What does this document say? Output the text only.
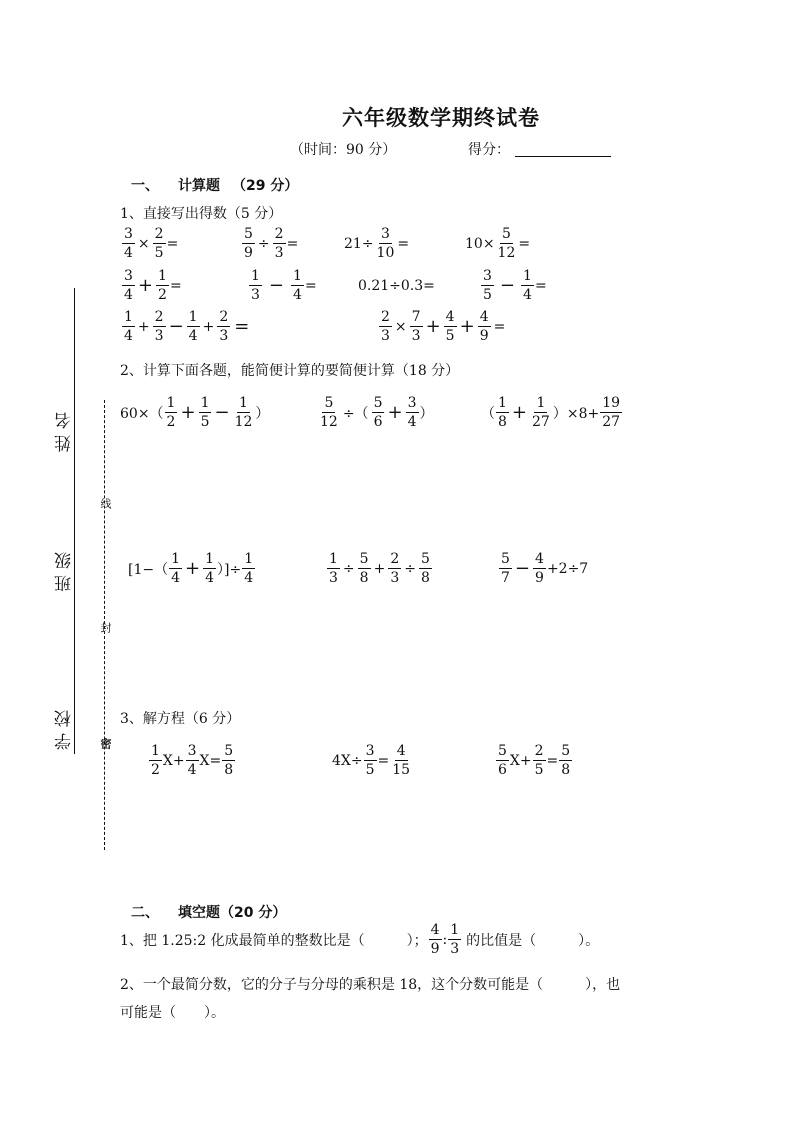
六年级数学期终试卷
（时间：90 分）	得分：
姓名
班级
学校
线
封
密
一、 计算题 （29 分）
1、直接写出得数（5 分）
$\frac{3}{4} \times \frac{2}{5}$ =	$\frac{5}{9} \div \frac{2}{3}$ =	$21\div \frac{3}{10}$ =	$10\times \frac{5}{12}$ =
$\frac{3}{4} + \frac{1}{2}$ =	$\frac{1}{3} - \frac{1}{4}$ =	0.21÷0.3=	$\frac{3}{5} - \frac{1}{4}$ =
$\frac{1}{4} + \frac{2}{3} - \frac{1}{4} + \frac{2}{3}$ =	$\frac{2}{3} \times \frac{7}{3} + \frac{4}{5} + \frac{4}{9}$ =
2、计算下面各题，能简便计算的要简便计算（18 分）
$60\times( \frac{1}{2} + \frac{1}{5} - \frac{1}{12}$ ）	$\frac{5}{12}$ ÷（ $\frac{5}{6} + \frac{3}{4}$ ）	（ $\frac{1}{8} + \frac{1}{27} )\times 8+ \frac{19}{27}$
[$1-( \frac{1}{4} + \frac{1}{4}$ ）]÷ $\frac{1}{4}$	$\frac{1}{3} \div \frac{5}{8} + \frac{2}{3} \div \frac{5}{8}$	$\frac{5}{7} - \frac{4}{9} +2\div 7$
3、解方程（6 分）
$\frac{1}{2} X+ \frac{3}{4} X= \frac{5}{8}$	$4X\div \frac{3}{5} = \frac{4}{15}$	$\frac{5}{6} X+ \frac{2}{5} = \frac{5}{8}$
二、 填空题（20 分）
1、把 1.25:2 化成最简单的整数比是（　　　）； $\frac{4}{9}$ : $\frac{1}{3}$ 的比值是（　　　）。
2、一个最简分数，它的分子与分母的乘积是 18，这个分数可能是（　　　），也
可能是（　　）。
